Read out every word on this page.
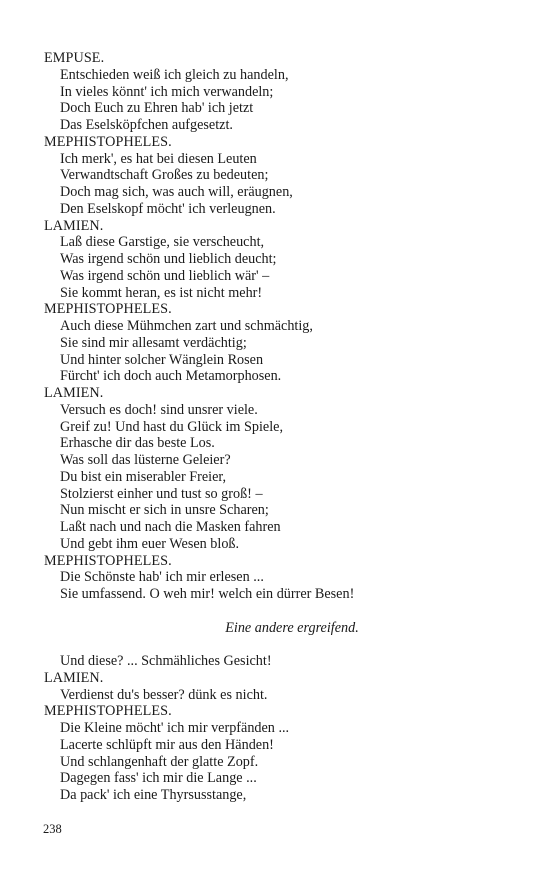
EMPUSE.
Entschieden weiß ich gleich zu handeln,
In vieles könnt' ich mich verwandeln;
Doch Euch zu Ehren hab' ich jetzt
Das Eselsköpfchen aufgesetzt.
MEPHISTOPHELES.
Ich merk', es hat bei diesen Leuten
Verwandtschaft Großes zu bedeuten;
Doch mag sich, was auch will, eräugnen,
Den Eselskopf möcht' ich verleugnen.
LAMIEN.
Laß diese Garstige, sie verscheucht,
Was irgend schön und lieblich deucht;
Was irgend schön und lieblich wär' –
Sie kommt heran, es ist nicht mehr!
MEPHISTOPHELES.
Auch diese Mühmchen zart und schmächtig,
Sie sind mir allesamt verdächtig;
Und hinter solcher Wänglein Rosen
Fürcht' ich doch auch Metamorphosen.
LAMIEN.
Versuch es doch! sind unsrer viele.
Greif zu! Und hast du Glück im Spiele,
Erhasche dir das beste Los.
Was soll das lüsterne Geleier?
Du bist ein miserabler Freier,
Stolzierst einher und tust so groß! –
Nun mischt er sich in unsre Scharen;
Laßt nach und nach die Masken fahren
Und gebt ihm euer Wesen bloß.
MEPHISTOPHELES.
Die Schönste hab' ich mir erlesen ...
Sie umfassend. O weh mir! welch ein dürrer Besen!
Eine andere ergreifend.
Und diese? ... Schmähliches Gesicht!
LAMIEN.
Verdienst du's besser? dünk es nicht.
MEPHISTOPHELES.
Die Kleine möcht' ich mir verpfänden ...
Lacerte schlüpft mir aus den Händen!
Und schlangenhaft der glatte Zopf.
Dagegen fass' ich mir die Lange ...
Da pack' ich eine Thyrsusstange,
238
